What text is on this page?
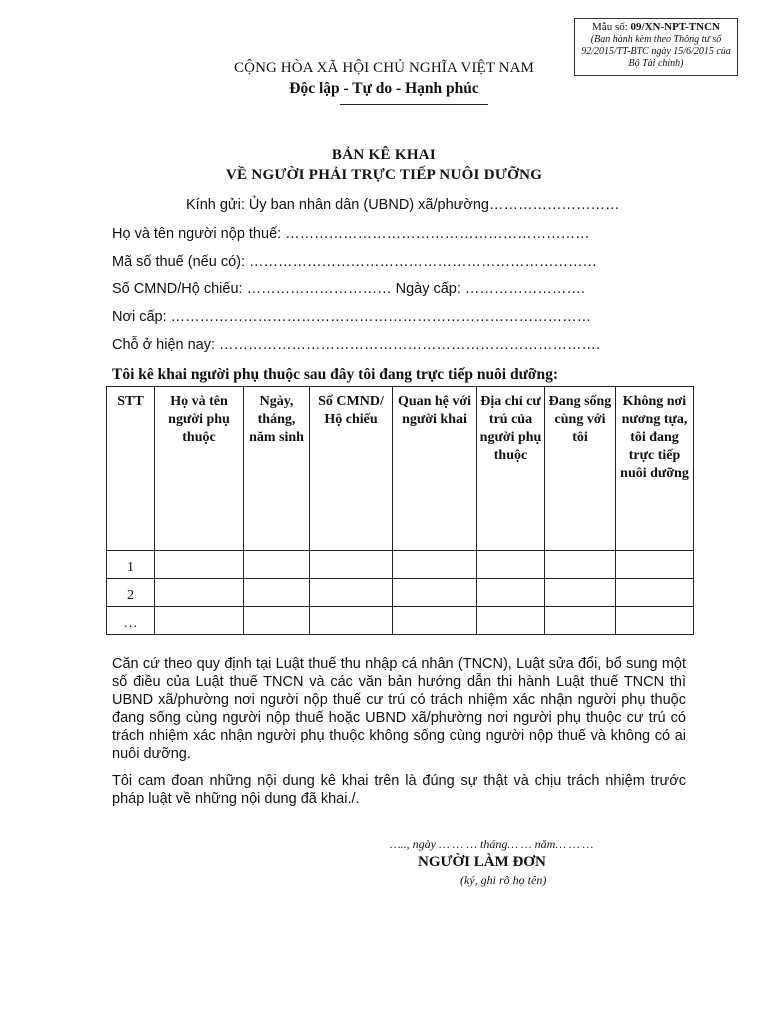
Mẫu số: 09/XN-NPT-TNCN
(Ban hành kèm theo Thông tư số 92/2015/TT-BTC ngày 15/6/2015 của Bộ Tài chính)
CỘNG HÒA XÃ HỘI CHỦ NGHĨA VIỆT NAM
Độc lập - Tự do - Hạnh phúc
BẢN KÊ KHAI
VỀ NGƯỜI PHẢI TRỰC TIẾP NUÔI DƯỠNG
Kính gửi: Ủy ban nhân dân (UBND) xã/phường………………………
Họ và tên người nộp thuế: ………………………………………………………
Mã số thuế (nếu có): ………………………………………………………………
Số CMND/Hộ chiếu: ………………………… Ngày cấp: …………………….
Nơi cấp: ……………………………………………………………………………
Chỗ ở hiện nay: …………………………………………………………………….
Tôi kê khai người phụ thuộc sau đây tôi đang trực tiếp nuôi dưỡng:
STT	Họ và tên người phụ thuộc	Ngày, tháng, năm sinh	Số CMND/ Hộ chiếu	Quan hệ với người khai	Địa chỉ cư trú của người phụ thuộc	Đang sống cùng với tôi	Không nơi nương tựa, tôi đang trực tiếp nuôi dưỡng
1							
2							
…							
Căn cứ theo quy định tại Luật thuế thu nhập cá nhân (TNCN), Luật sửa đổi, bổ sung một số điều của Luật thuế TNCN và các văn bản hướng dẫn thi hành Luật thuế TNCN thì UBND xã/phường nơi người nộp thuế cư trú có trách nhiệm xác nhận người phụ thuộc đang sống cùng người nộp thuế hoặc UBND xã/phường nơi người phụ thuộc cư trú có trách nhiệm xác nhận người phụ thuộc không sống cùng người nộp thuế và không có ai nuôi dưỡng.
Tôi cam đoan những nội dung kê khai trên là đúng sự thật và chịu trách nhiệm trước pháp luật về những nội dung đã khai./.
….., ngày … … … tháng… … năm… … …
NGƯỜI LÀM ĐƠN
(ký, ghi rõ họ tên)
